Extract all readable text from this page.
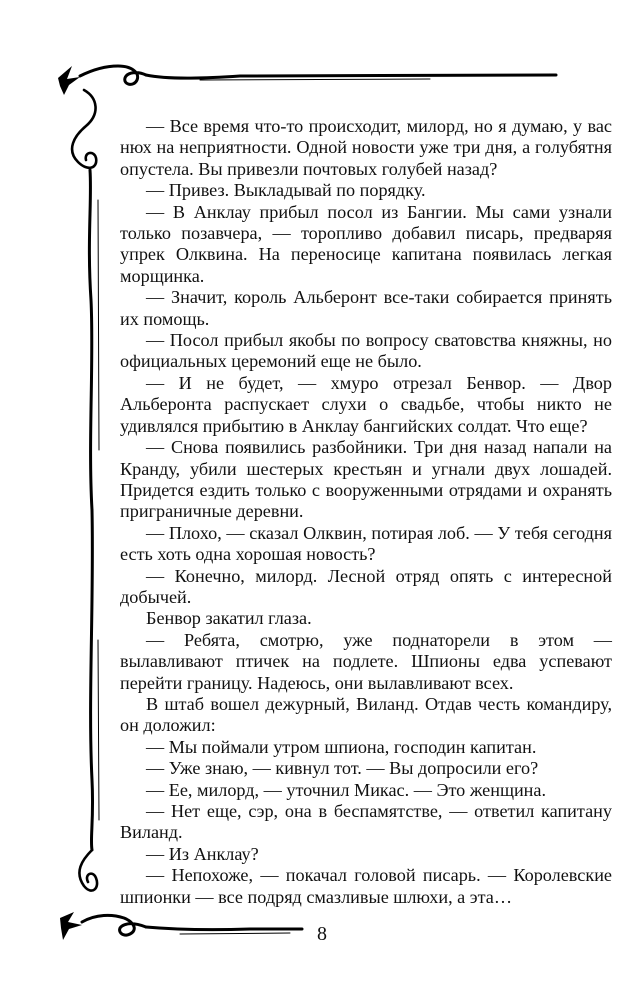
— Все время что-то происходит, милорд, но я думаю, у вас нюх на неприятности. Одной новости уже три дня, а голубятня опустела. Вы привезли почтовых голубей назад?

— Привез. Выкладывай по порядку.

— В Анклау прибыл посол из Бангии. Мы сами узнали только позавчера, — торопливо добавил писарь, предваряя упрек Олквина. На переносице капитана появилась легкая морщинка.

— Значит, король Альберонт все-таки собирается принять их помощь.

— Посол прибыл якобы по вопросу сватовства княжны, но официальных церемоний еще не было.

— И не будет, — хмуро отрезал Бенвор. — Двор Альберонта распускает слухи о свадьбе, чтобы никто не удивлялся прибытию в Анклау бангийских солдат. Что еще?

— Снова появились разбойники. Три дня назад напали на Кранду, убили шестерых крестьян и угнали двух лошадей. Придется ездить только с вооруженными отрядами и охранять приграничные деревни.

— Плохо, — сказал Олквин, потирая лоб. — У тебя сегодня есть хоть одна хорошая новость?

— Конечно, милорд. Лесной отряд опять с интересной добычей.

Бенвор закатил глаза.

— Ребята, смотрю, уже поднаторели в этом — вылавливают птичек на подлете. Шпионы едва успевают перейти границу. Надеюсь, они вылавливают всех.

В штаб вошел дежурный, Виланд. Отдав честь командиру, он доложил:

— Мы поймали утром шпиона, господин капитан.

— Уже знаю, — кивнул тот. — Вы допросили его?

— Ее, милорд, — уточнил Микас. — Это женщина.

— Нет еще, сэр, она в беспамятстве, — ответил капитану Виланд.

— Из Анклау?

— Непохоже, — покачал головой писарь. — Королевские шпионки — все подряд смазливые шлюхи, а эта…

8
